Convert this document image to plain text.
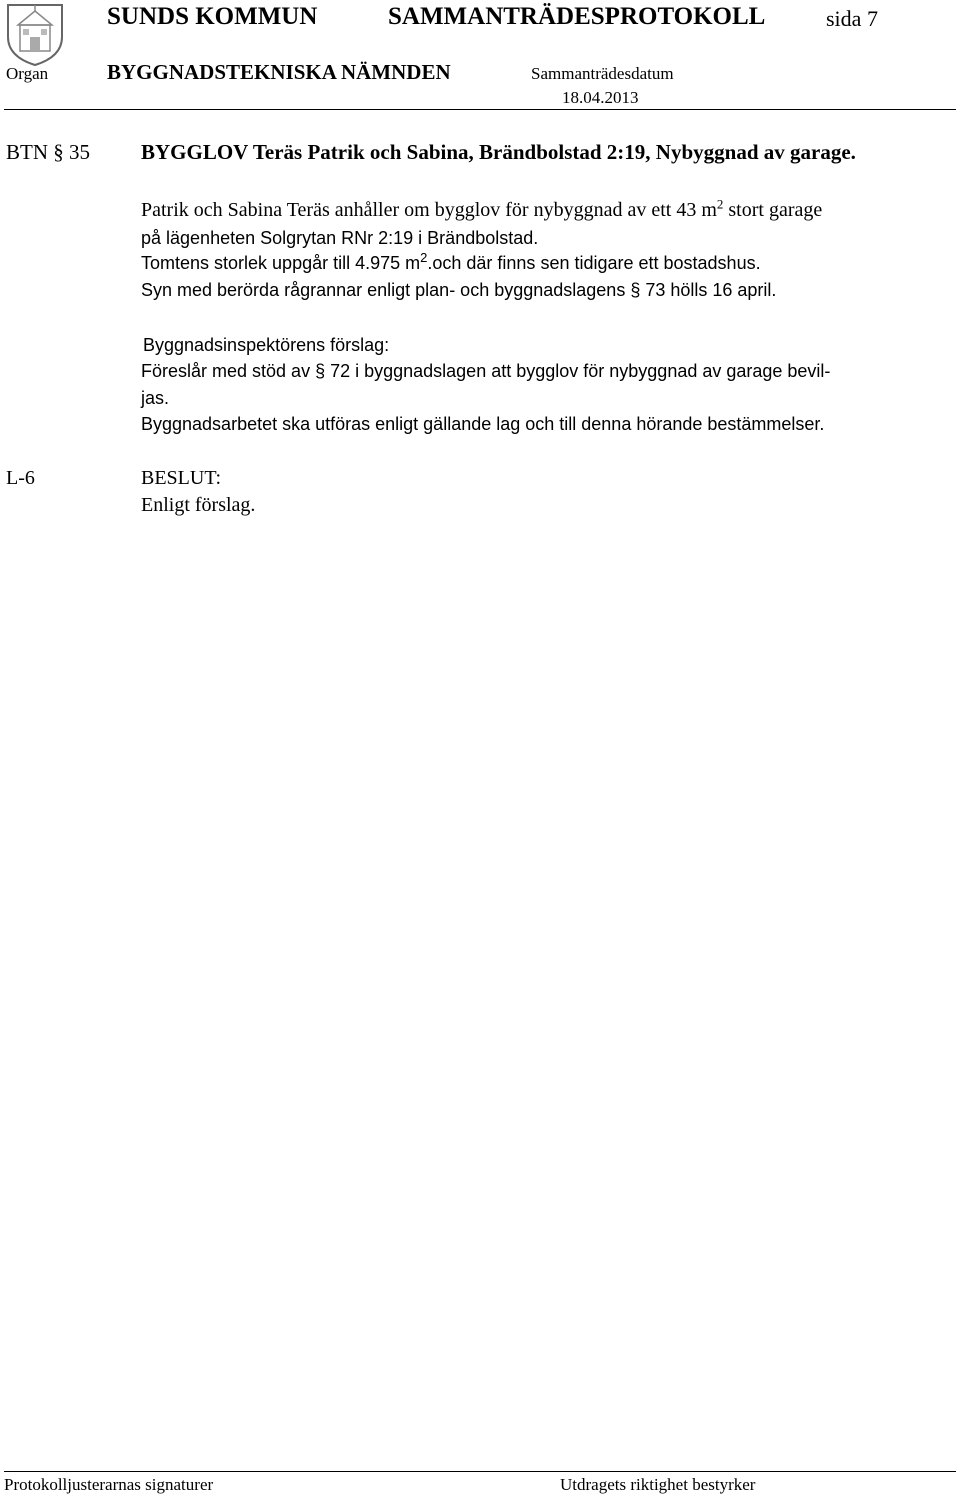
SUNDS KOMMUN	SAMMANTRÄDESPROTOKOLL	sida 7
Organ	BYGGNADSTEKNISKA NÄMNDEN	Sammanträdesdatum
18.04.2013
BTN § 35 BYGGLOV Teräs Patrik och Sabina, Brändbolstad 2:19, Nybyggnad av garage.
Patrik och Sabina Teräs anhåller om bygglov för nybyggnad av ett 43 $m^2$ stort garage
på lägenheten Solgrytan RNr 2:19 i Brändbolstad.
Tomtens storlek uppgår till 4.975 $m^2.och$ där finns sen tidigare ett bostadshus.
Syn med berörda rågrannar enligt plan- och byggnadslagens § 73 hölls 16 april.
Byggnadsinspektörens förslag:
Föreslår med stöd av § 72 i byggnadslagen att bygglov för nybyggnad av garage bevil-
jas.
Byggnadsarbetet ska utföras enligt gällande lag och till denna hörande bestämmelser.
L-6	BESLUT:
Enligt förslag.
Protokolljusterarnas signaturer	Utdragets riktighet bestyrker
